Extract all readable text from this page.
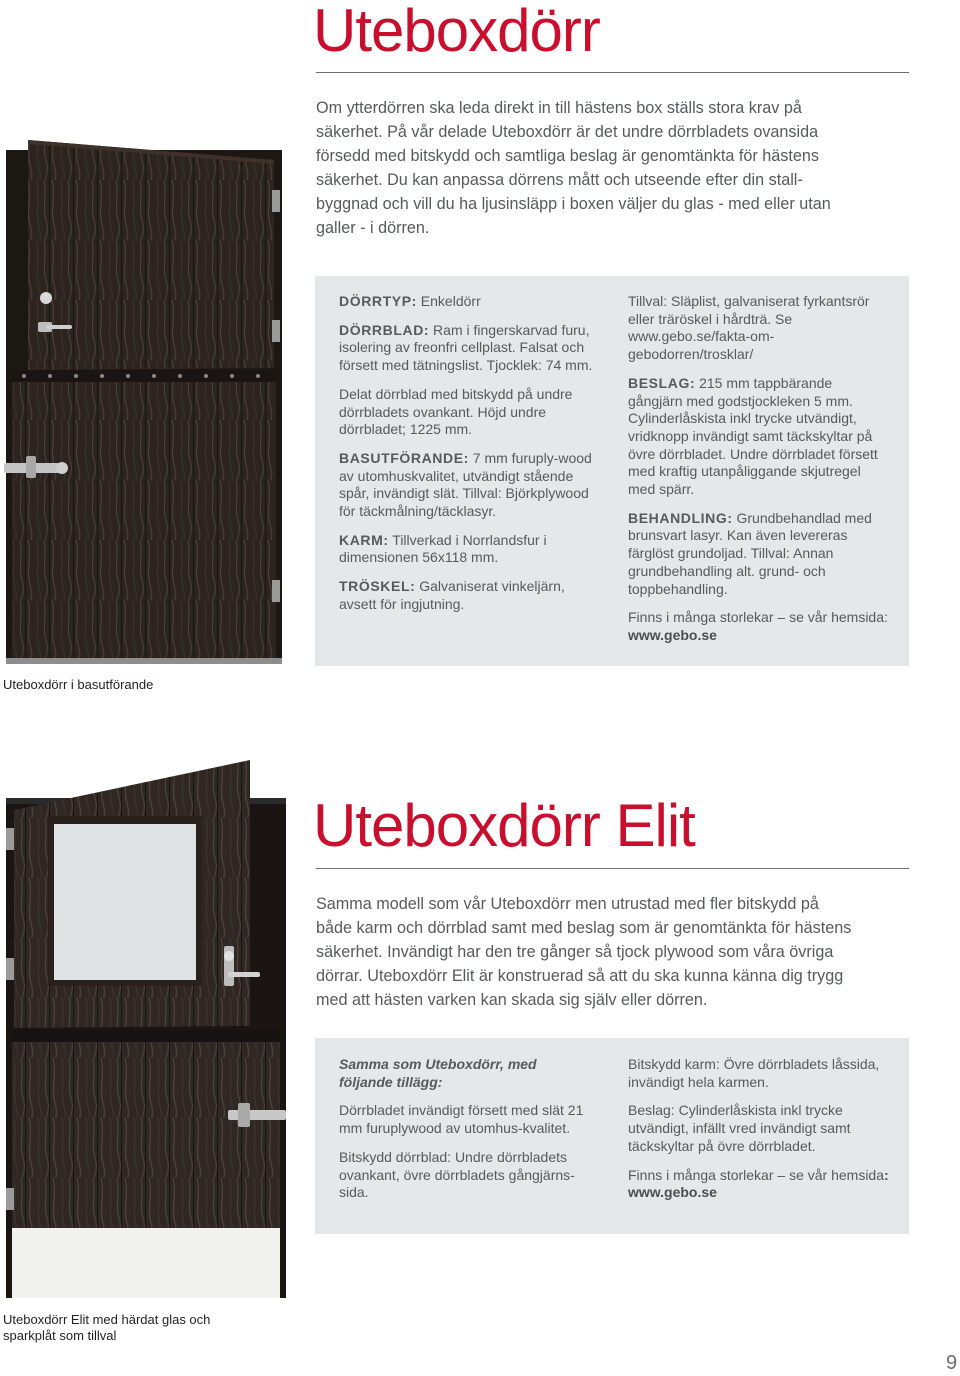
Uteboxdörr
Om ytterdörren ska leda direkt in till hästens box ställs stora krav på
säkerhet. På vår delade Uteboxdörr är det undre dörrbladets ovansida
försedd med bitskydd och samtliga beslag är genomtänkta för hästens
säkerhet. Du kan anpassa dörrens mått och utseende efter din stall-
byggnad och vill du ha ljusinsläpp i boxen väljer du glas - med eller utan
galler - i dörren.

DÖRRTYP: Enkeldörr

DÖRRBLAD: Ram i fingerskarvad furu, isolering av freonfri cellplast. Falsat och försett med tätningslist. Tjocklek: 74 mm.

Delat dörrblad med bitskydd på undre dörrbladets ovankant. Höjd undre dörrbladet; 1225 mm.

BASUTFÖRANDE: 7 mm furuply-wood av utomhuskvalitet, utvändigt stående spår, invändigt slät. Tillval: Björkplywood för täckmålning/täcklasyr.

KARM: Tillverkad i Norrlandsfur i dimensionen 56x118 mm.

TRÖSKEL: Galvaniserat vinkeljärn, avsett för ingjutning.

Tillval: Släplist, galvaniserat fyrkantsrör eller träröskel i hårdträ. Se www.gebo.se/fakta-om-gebodorren/trosklar/

BESLAG: 215 mm tappbärande gångjärn med godstjockleken 5 mm. Cylinderlåskista inkl trycke utvändigt, vridknopp invändigt samt täckskyltar på övre dörrbladet. Undre dörrbladet försett med kraftig utanpåliggande skjutregel med spärr.

BEHANDLING: Grundbehandlad med brunsvart lasyr. Kan även levereras färglöst grundoljad. Tillval: Annan grundbehandling alt. grund- och toppbehandling.

Finns i många storlekar – se vår hemsida: www.gebo.se

Uteboxdörr i basutförande
Uteboxdörr Elit
Samma modell som vår Uteboxdörr men utrustad med fler bitskydd på
både karm och dörrblad samt med beslag som är genomtänkta för hästens
säkerhet. Invändigt har den tre gånger så tjock plywood som våra övriga
dörrar. Uteboxdörr Elit är konstruerad så att du ska kunna känna dig trygg
med att hästen varken kan skada sig själv eller dörren.

Samma som Uteboxdörr, med följande tillägg:

Dörrbladet invändigt försett med slät 21 mm furuplywood av utomhus-kvalitet.

Bitskydd dörrblad: Undre dörrbladets ovankant, övre dörrbladets gångjärns-sida.

Bitskydd karm: Övre dörrbladets låssida, invändigt hela karmen.

Beslag: Cylinderlåskista inkl trycke utvändigt, infällt vred invändigt samt täckskyltar på övre dörrbladet.

Finns i många storlekar – se vår hemsida: www.gebo.se

Uteboxdörr Elit med härdat glas och sparkplåt som tillval
9
